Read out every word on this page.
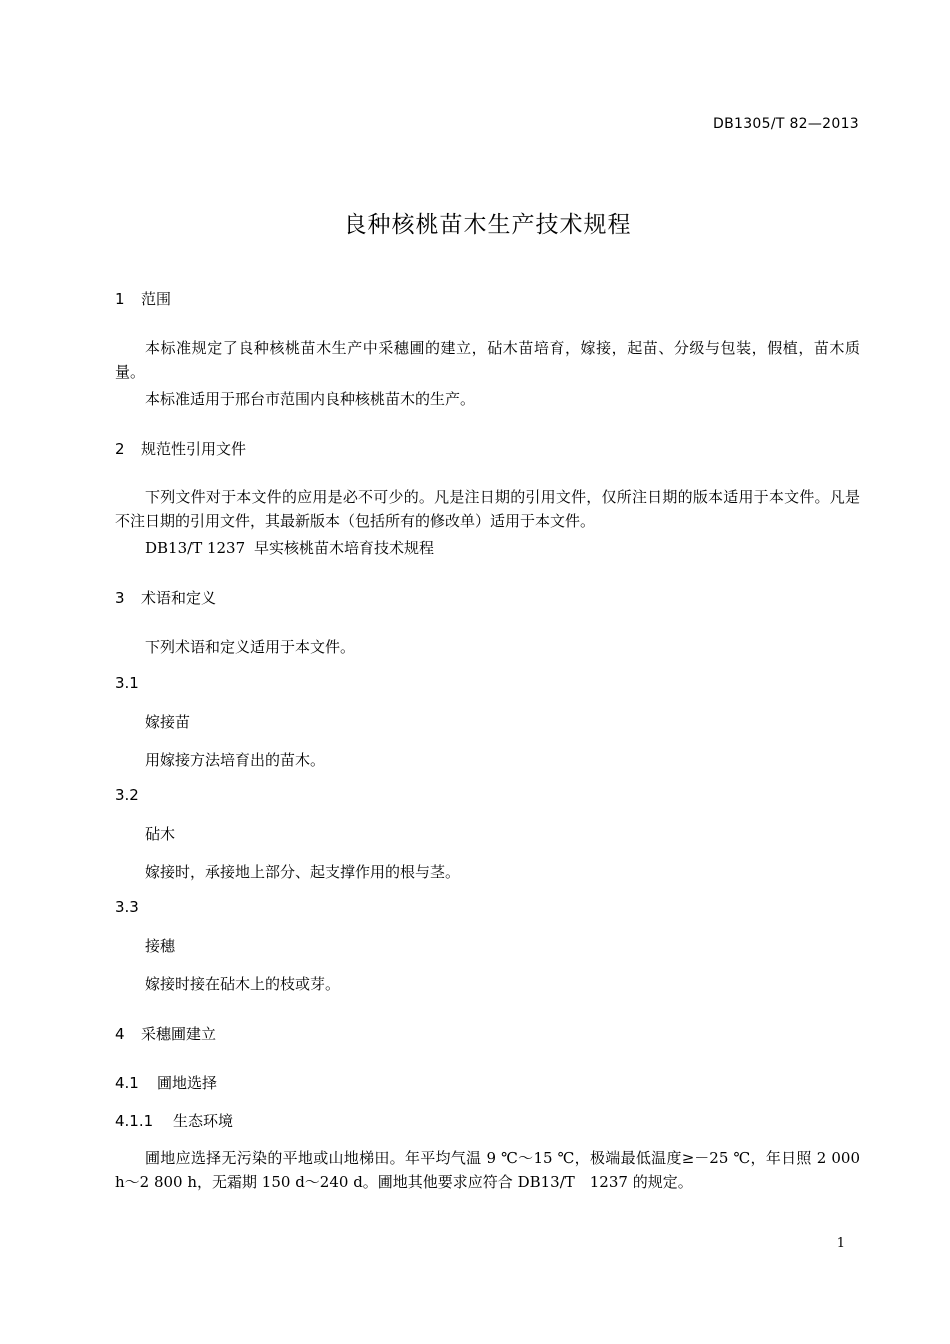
DB1305/T 82—2013
良种核桃苗木生产技术规程
1 范围
本标准规定了良种核桃苗木生产中采穗圃的建立，砧木苗培育，嫁接，起苗、分级与包装，假植，苗木质量。
本标准适用于邢台市范围内良种核桃苗木的生产。
2 规范性引用文件
下列文件对于本文件的应用是必不可少的。凡是注日期的引用文件，仅所注日期的版本适用于本文件。凡是不注日期的引用文件，其最新版本（包括所有的修改单）适用于本文件。
DB13/T 1237 早实核桃苗木培育技术规程
3 术语和定义
下列术语和定义适用于本文件。
3.1
嫁接苗
用嫁接方法培育出的苗木。
3.2
砧木
嫁接时，承接地上部分、起支撑作用的根与茎。
3.3
接穗
嫁接时接在砧木上的枝或芽。
4 采穗圃建立
4.1 圃地选择
4.1.1 生态环境
圃地应选择无污染的平地或山地梯田。年平均气温 9 ℃～15 ℃，极端最低温度≥－25 ℃，年日照 2 000 h～2 800 h，无霜期 150 d～240 d。圃地其他要求应符合 DB13/T　1237 的规定。
1
